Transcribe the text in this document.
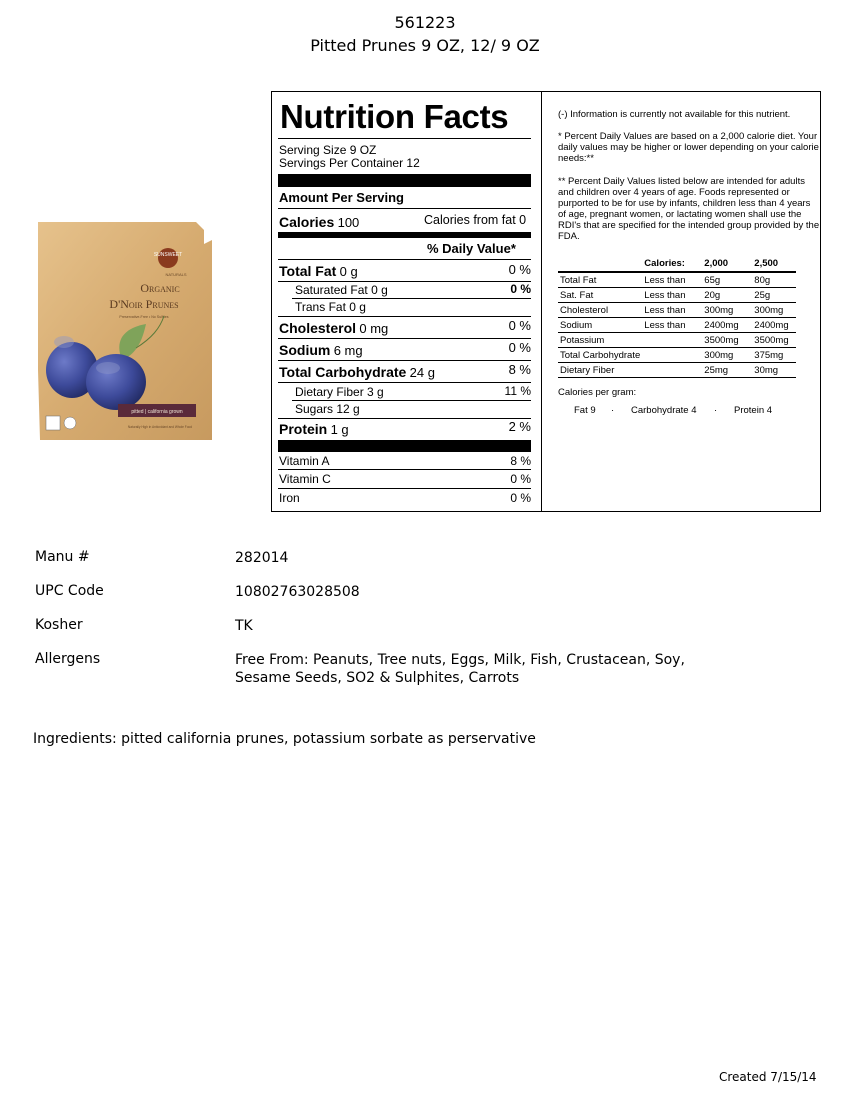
561223
Pitted Prunes 9 OZ, 12/ 9 OZ
SUNSWEET
NATURALS
Organic
D'Noir Prunes
Preservative-Free • No Sulfites
pitted | california grown
Naturally High in Antioxidant and Whole Food
Nutrition Facts
Serving Size 9 OZ
Servings Per Container 12
Amount Per Serving
Calories 100	Calories from fat 0
% Daily Value*
Total Fat 0 g	0 %
Saturated Fat 0 g	0 %
Trans Fat 0 g
Cholesterol 0 mg	0 %
Sodium 6 mg	0 %
Total Carbohydrate 24 g	8 %
Dietary Fiber 3 g	11 %
Sugars 12 g
Protein 1 g	2 %
Vitamin A	8 %
Vitamin C	0 %
Iron	0 %
(-) Information is currently not available for this nutrient.
* Percent Daily Values are based on a 2,000 calorie diet. Your daily values may be higher or lower depending on your calorie needs:**
** Percent Daily Values listed below are intended for adults and children over 4 years of age. Foods represented or purported to be for use by infants, children less than 4 years of age, pregnant women, or lactating women shall use the RDI's that are specified for the intended group provided by the FDA.
	Calories:	2,000	2,500
Total Fat	Less than	65g	80g
Sat. Fat	Less than	20g	25g
Cholesterol	Less than	300mg	300mg
Sodium	Less than	2400mg	2400mg
Potassium		3500mg	3500mg
Total Carbohydrate		300mg	375mg
Dietary Fiber		25mg	30mg
Calories per gram:
Fat 9 · Carbohydrate 4 · Protein 4
Manu #	282014
UPC Code	10802763028508
Kosher	TK
Allergens	Free From: Peanuts, Tree nuts, Eggs, Milk, Fish, Crustacean, Soy,
Sesame Seeds, SO2 & Sulphites, Carrots
Ingredients: pitted california prunes, potassium sorbate as perservative
Created 7/15/14
